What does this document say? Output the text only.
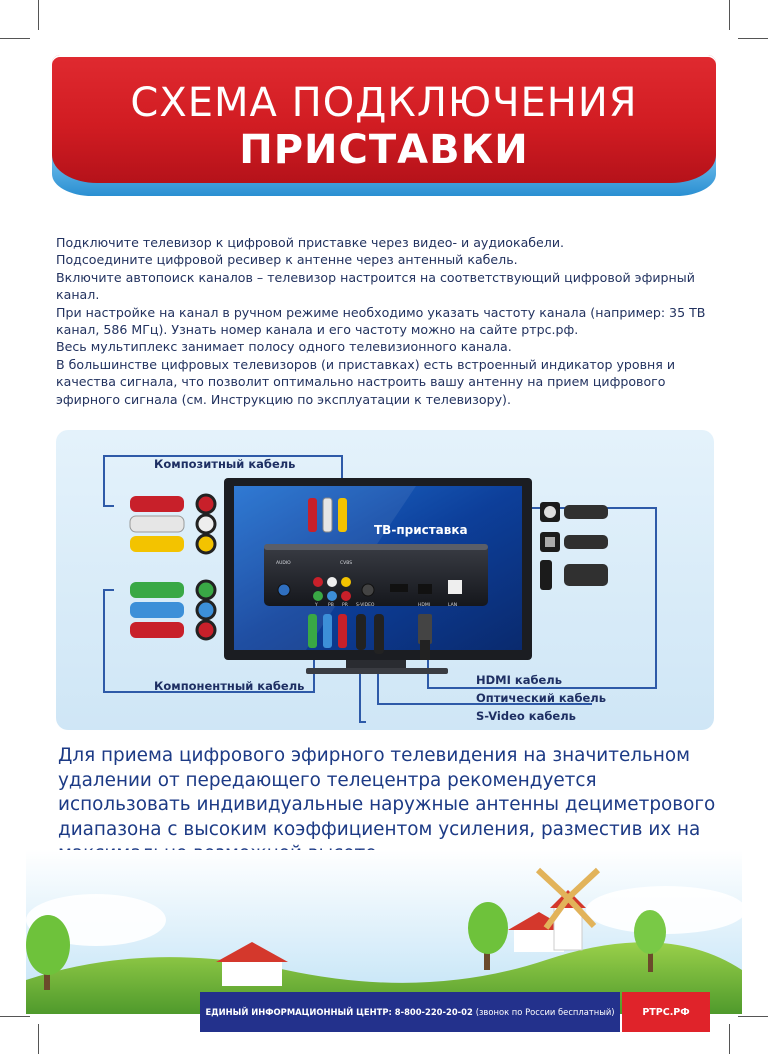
СХЕМА ПОДКЛЮЧЕНИЯ
ПРИСТАВКИ

Подключите телевизор к цифровой приставке через видео- и аудиокабели.

Подсоедините цифровой ресивер к антенне через антенный кабель.

Включите автопоиск каналов – телевизор настроится на соответствующий цифровой эфирный канал.

При настройке на канал в ручном режиме необходимо указать частоту канала (например: 35 ТВ канал, 586 МГц). Узнать номер канала и его частоту можно на сайте ртрс.рф.

Весь мультиплекс занимает полосу одного телевизионного канала.

В большинстве цифровых телевизоров (и приставках) есть встроенный индикатор уровня и качества сигнала, что позволит оптимально настроить вашу антенну на прием цифрового эфирного сигнала (см. Инструкцию по эксплуатации к телевизору).

ТВ-приставка
AUDIO	CVBS
Y PB PR S-VIDEO	HDMI	LAN
Композитный кабель
Компонентный кабель	HDMI кабель
Оптический кабель
S-Video кабель
Для приема цифрового эфирного телевидения на значительном удалении от передающего телецентра рекомендуется использовать индивидуальные наружные антенны дециметрового диапазона с высоким коэффициентом усиления, разместив их на
ЕДИНЫЙ ИНФОРМАЦИОННЫЙ ЦЕНТР: 8-800-220-20-02 (звонок по России бесплатный)	РТРС.РФ
